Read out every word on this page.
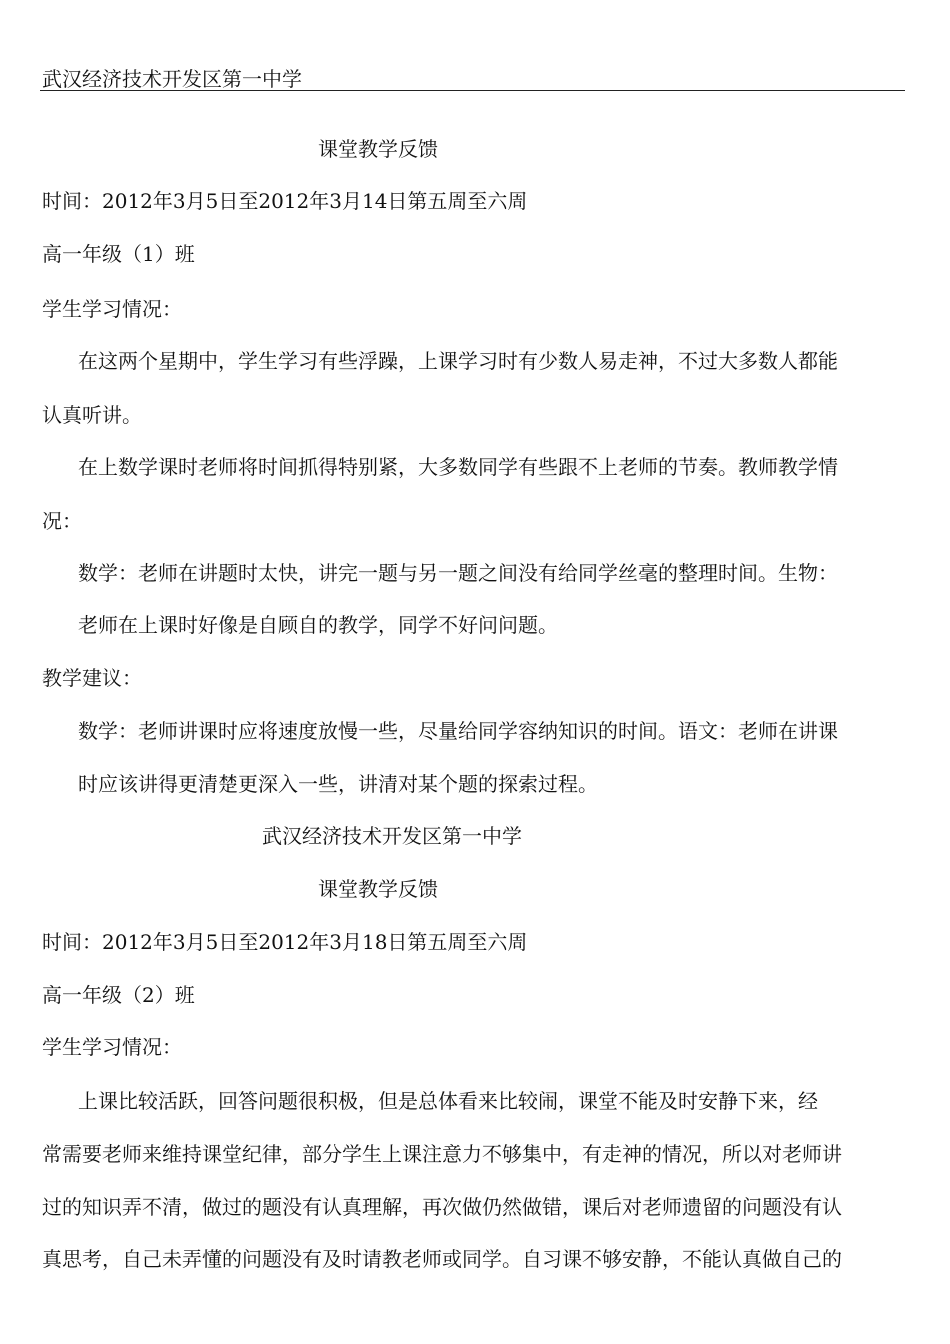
武汉经济技术开发区第一中学

课堂教学反馈

时间：2012年3月5日至2012年3月14日第五周至六周

高一年级（1）班

学生学习情况：

在这两个星期中，学生学习有些浮躁，上课学习时有少数人易走神，不过大多数人都能

认真听讲。

在上数学课时老师将时间抓得特别紧，大多数同学有些跟不上老师的节奏。教师教学情

况：

数学：老师在讲题时太快，讲完一题与另一题之间没有给同学丝毫的整理时间。生物：

老师在上课时好像是自顾自的教学，同学不好问问题。

教学建议：

数学：老师讲课时应将速度放慢一些，尽量给同学容纳知识的时间。语文：老师在讲课

时应该讲得更清楚更深入一些，讲清对某个题的探索过程。

武汉经济技术开发区第一中学

课堂教学反馈

时间：2012年3月5日至2012年3月18日第五周至六周

高一年级（2）班

学生学习情况：

上课比较活跃，回答问题很积极，但是总体看来比较闹，课堂不能及时安静下来，经

常需要老师来维持课堂纪律，部分学生上课注意力不够集中，有走神的情况，所以对老师讲

过的知识弄不清，做过的题没有认真理解，再次做仍然做错，课后对老师遗留的问题没有认

真思考，自己未弄懂的问题没有及时请教老师或同学。自习课不够安静，不能认真做自己的
